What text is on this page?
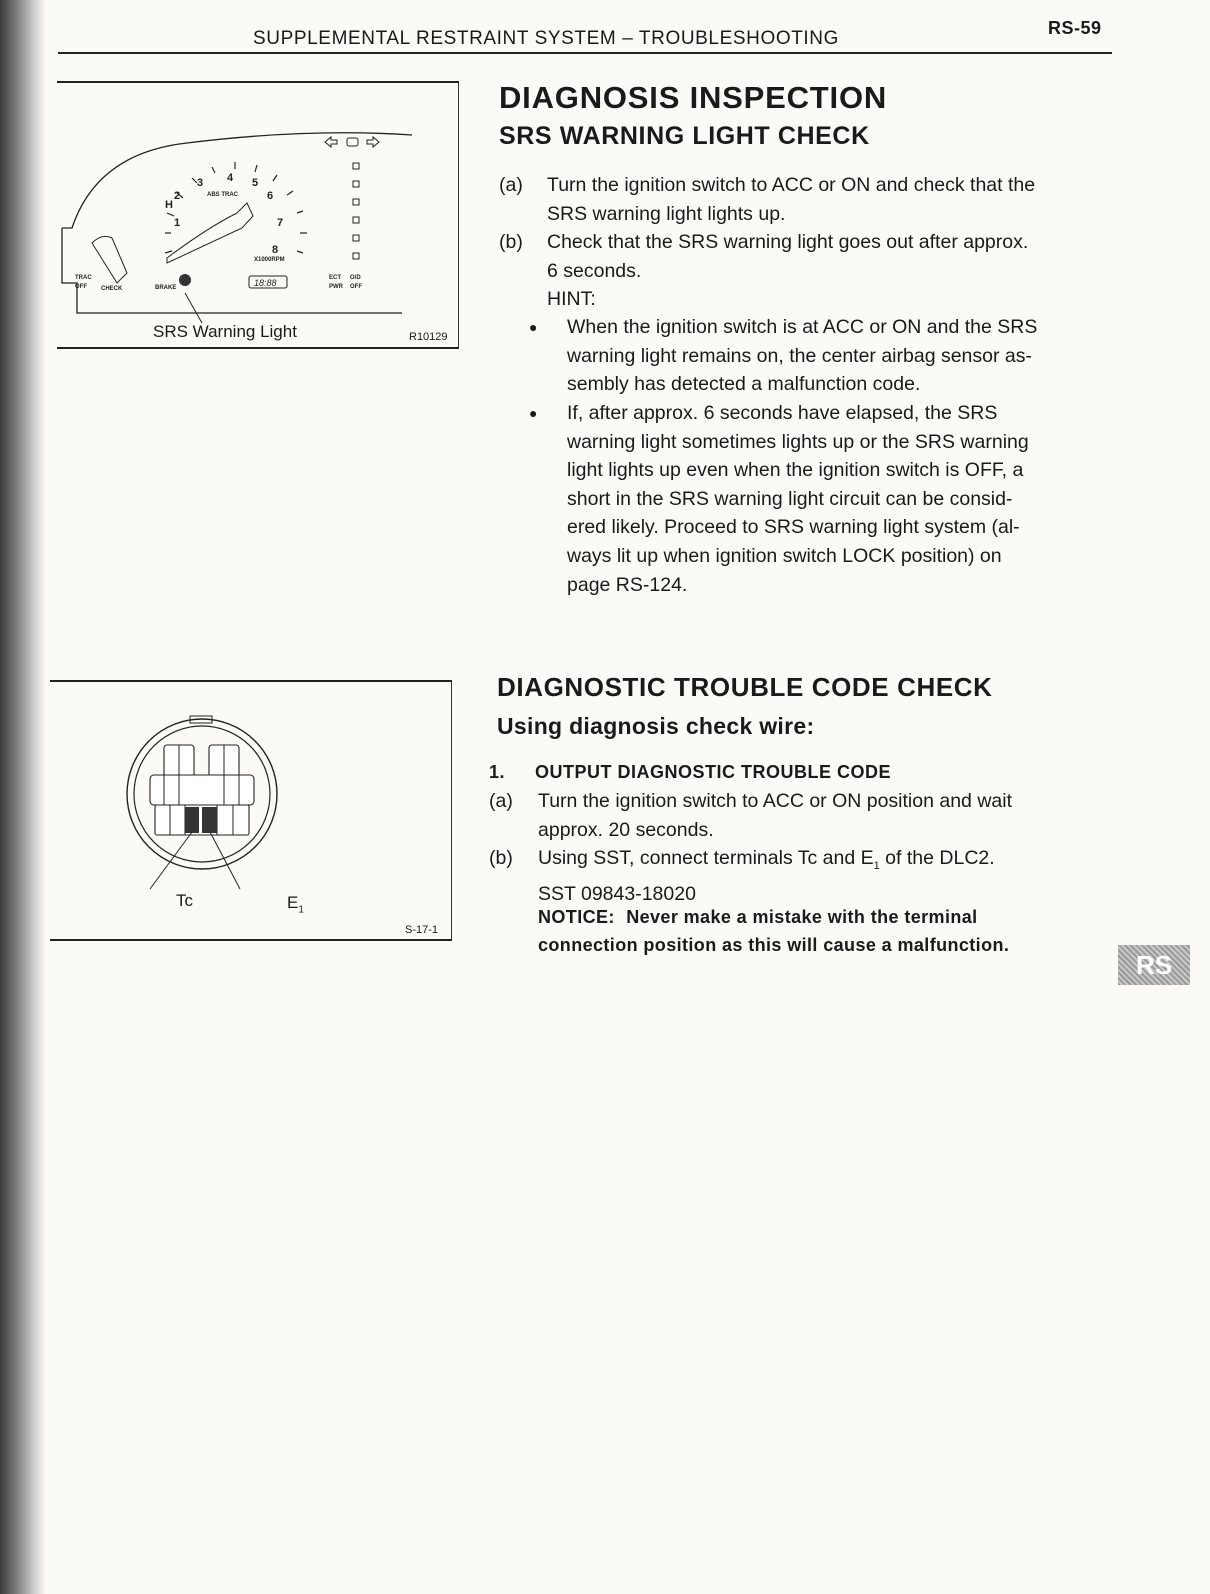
SUPPLEMENTAL RESTRAINT SYSTEM – TROUBLESHOOTING	RS-59
1
2
3 4 5
6
7
8
H
ABS TRAC
X1000RPM
TRAC
OFF CHECK	BRAKE
ECT
PWR
O/D
OFF
18:88
SRS Warning Light	R10129
Tc	$E_1$
S-17-1
DIAGNOSIS INSPECTION
SRS WARNING LIGHT CHECK
(a) Turn the ignition switch to ACC or ON and check that the
SRS warning light lights up.
(b) Check that the SRS warning light goes out after approx.
6 seconds.
HINT:
● When the ignition switch is at ACC or ON and the SRS
warning light remains on, the center airbag sensor as-
sembly has detected a malfunction code.
● If, after approx. 6 seconds have elapsed, the SRS
warning light sometimes lights up or the SRS warning
light lights up even when the ignition switch is OFF, a
short in the SRS warning light circuit can be consid-
ered likely. Proceed to SRS warning light system (al-
ways lit up when ignition switch LOCK position) on
page RS-124.
DIAGNOSTIC TROUBLE CODE CHECK
Using diagnosis check wire:
1. OUTPUT DIAGNOSTIC TROUBLE CODE
(a) Turn the ignition switch to ACC or ON position and wait
approx. 20 seconds.
(b) Using SST, connect terminals Tc and $E_1$ of the DLC2.
SST 09843-18020
NOTICE: Never make a mistake with the terminal
connection position as this will cause a malfunction.
RS
